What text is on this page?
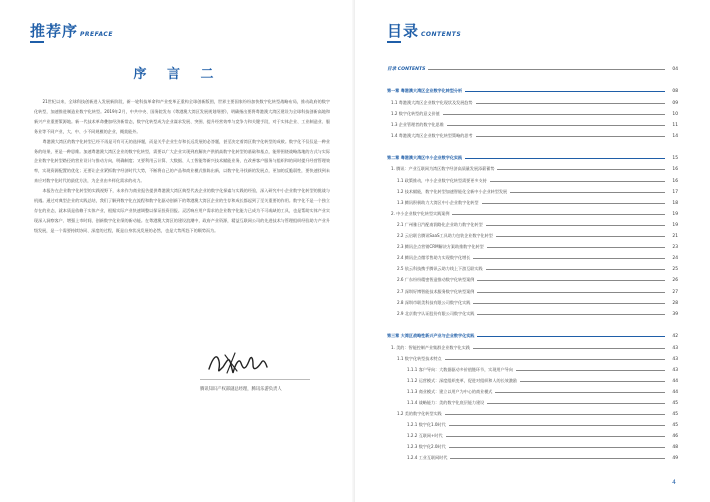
推荐序 PREFACE
序 言 二

21世纪以来，全球科技创新进入发展新阶段，新一轮科技革命和产业变革正重构全球创新版图，世界主要国家纷纷加快数字化转型战略布局，推动政府的数字化转型，加速推进制造业数字化转型。2019年2月，中共中央、国务院发布《粤港澳大湾区发展规划纲要》，明确指出要将粤港澳大湾区建设为全球科技创新高地和新兴产业重要策源地。新一代技术革命叠加经济新常态，数字化转型成为企业谋求发展、突围、提升经营效率与竞争力和关键手段，对于实体企业、工业制造业、服务业等不同产业，大、中、小不同规模的企业，概莫能外。

粤港澳大湾区的数字化转型已经不再是可有可无的选择题，而是关乎企业生存和长远发展的必答题，甚至决定着湾区数字化转型的成败。数字化不仅仅是一种业务的结果，更是一种思维。加速粤港澳大湾区企业的数字化转型，需要以广大企业实现到底解决产供销高数字化转型的基础和基点，能带围绕战略落地的方式与实际企业数字化转型路径的营业设计与推动方向，明确制度；又要利用云计算、大数据、人工智能等新兴技术赋能业务，在改善客户服务与组织和的同时提升经营管理效率，实现资源配置的优化；还要让企业紧抓数字经济时代大势，不断将自己的产品和商业模式推陈出新，以数字化寻找新的发展点，更加的反脆弱性，要快速找到未来应对数字化时代的最优方法，为企业由多样化需求的动力。

本报告在企业数字化转型的实践视野下，未来作为商业报告提供粤港澳大湾区典型代表企业的数字化探索与实践的经验，深入研究中小企业数字化转型的挑战与机遇。通过对典型企业的实践总结，我们了解到数字化在流程和数字化驱动创新下的粤港澳大湾区企业的生存和成长都起到了至关重要的作用。数字化不是一个独立存在的业态，就本质是依赖于实体产业，根据实际产业快速调整以保证投资回报。灵活响应用户需求的企业数字化能力已成为不可或缺的工具，也是帮助实体产业实现深入洞察客户、增强上市时间、创新数字化业绩的新动能。在粤港澳大湾区的建设浪潮中，政府产业资源，精益互联网公司的先进技术与管理组织经验助力产业升级发展，是一个需要持续协同、深度的过程，既是自身状况发展的必然，也是大势所趋下的顺势而为。

腾讯知识产权部副总经理，腾讯乐游负责人
目录 CONTENTS
目录 CONTENTS	04
第一章 粤港澳大湾区企业数字化转型分析	08
1.1 粤港澳大湾区企业数字化现状及发展趋势	09
1.2 数字化转型的意义价值	10
1.3 企业管理者的数字化思维	11
1.4 粤港澳大湾区企业数字化转型策略的思考	14
第二章 粤港澳大湾区中小企业数字化实践	15
1. 腾讯：产业互联网为湾区数字经济高质量发展添薪蓄势	16
1.1 政策推动，中小企业数字化转型需要更多支持	16
1.2 技术赋能，数字化转型加速智能化全新中小企业转型发展	17
1.3 腾讯积极助力大湾区中小企业数字化转型	18
2. 中小企业数字化转型实践案例	19
2.1 广州雅日汽配南润路化企业助力数字化转型	19
2.2 云启联合腾讯SaaS工具助力包装企业数字化转型	21
2.3 腾讯企点营销CRM解决方案助推数字化转型	23
2.4 腾讯企点微零售助力实现数字化增长	24
2.5 依云科技携手腾讯云助力线上下游互联实践	25
2.6 广东纷纷精密智造推动数字化转型案例	26
2.7 深圳好博智能技术服务数字化转型案例	27
2.8 深圳市联美科技有限公司数字化实践	28
2.9 北京数字认证股份有限公司数字化实践	39
第三章 大湾区战略性新兴产业与企业数字化实践	42
1. 美的：智能控制产业集群企业数字化实践	43
1.1 数字化转型技术特点	43
1.1.1 客户导向：大数据驱动多价值链环节，实现用户导向	43
1.1.2 运营模式：深度组织变革，促进对组织和人的长效激励	44
1.1.3 商业模式：建立以用户为中心的商业模式	44
1.1.4 战略能力：美的数字化底层能力建设	45
1.2 美的数字化转型实践	45
1.2.1 数字化1.0时代	45
1.2.2 互联网+时代	46
1.2.3 数字化2.0时代	48
1.2.4 工业互联网时代	49
4
